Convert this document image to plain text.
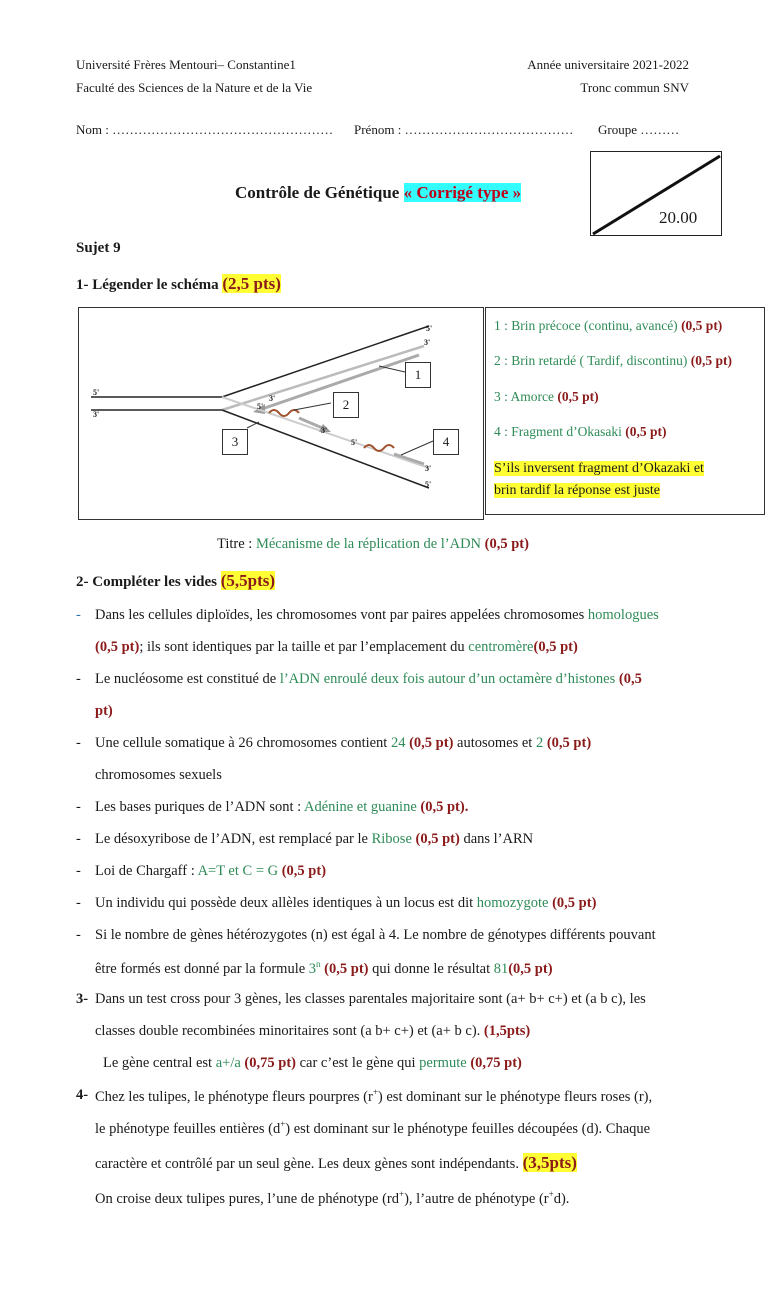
Université Frères Mentouri– Constantine1
Faculté des Sciences de la Nature et de la Vie
Année universitaire 2021-2022
Tronc commun SNV
Nom : …………………………………………… Prénom : ………………………………… Groupe ………
Contrôle de Génétique « Corrigé type »
20.00
Sujet 9
1- Légender le schéma (2,5 pts)
5'
3'
5'
3'
5'
3'
3'
5'
3'
5'
1
2
3	4
1 : Brin précoce (continu, avancé) (0,5 pt)
2 : Brin retardé ( Tardif, discontinu) (0,5 pt)
3 : Amorce (0,5 pt)
4 : Fragment d’Okasaki (0,5 pt)
S’ils inversent fragment d’Okazaki et
brin tardif la réponse est juste
Titre : Mécanisme de la réplication de l’ADN (0,5 pt)
2- Compléter les vides (5,5pts)
- Dans les cellules diploïdes, les chromosomes vont par paires appelées chromosomes homologues
(0,5 pt); ils sont identiques par la taille et par l’emplacement du centromère(0,5 pt)
- Le nucléosome est constitué de l’ADN enroulé deux fois autour d’un octamère d’histones (0,5
pt)
- Une cellule somatique à 26 chromosomes contient 24 (0,5 pt) autosomes et 2 (0,5 pt)
chromosomes sexuels
- Les bases puriques de l’ADN sont : Adénine et guanine (0,5 pt).
- Le désoxyribose de l’ADN, est remplacé par le Ribose (0,5 pt) dans l’ARN
- Loi de Chargaff : A=T et C = G (0,5 pt)
- Un individu qui possède deux allèles identiques à un locus est dit homozygote (0,5 pt)
- Si le nombre de gènes hétérozygotes (n) est égal à 4. Le nombre de génotypes différents pouvant
être formés est donné par la formule 3$^n$ (0,5 pt) qui donne le résultat 81(0,5 pt)
3- Dans un test cross pour 3 gènes, les classes parentales majoritaire sont (a+ b+ c+) et (a b c), les
classes double recombinées minoritaires sont (a b+ c+) et (a+ b c). (1,5pts)
Le gène central est a+/a (0,75 pt) car c’est le gène qui permute (0,75 pt)
4- Chez les tulipes, le phénotype fleurs pourpres (r+) est dominant sur le phénotype fleurs roses (r),
le phénotype feuilles entières (d+) est dominant sur le phénotype feuilles découpées (d). Chaque
caractère et contrôlé par un seul gène. Les deux gènes sont indépendants. (3,5pts)
On croise deux tulipes pures, l’une de phénotype (rd+), l’autre de phénotype (r+d).
